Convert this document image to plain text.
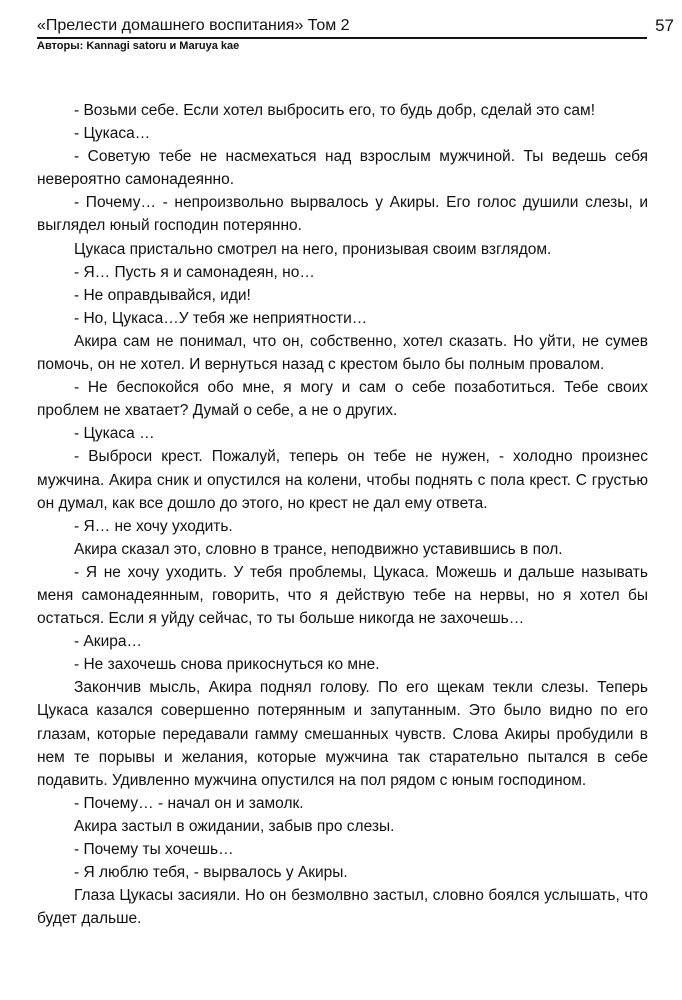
«Прелести домашнего воспитания» Том 2
Авторы: Kannagi satoru и Maruya kae
57

- Возьми себе. Если хотел выбросить его, то будь добр, сделай это сам!

- Цукаса…

- Советую тебе не насмехаться над взрослым мужчиной. Ты ведешь себя невероятно самонадеянно.

- Почему… - непроизвольно вырвалось у Акиры. Его голос душили слезы, и выглядел юный господин потерянно.

Цукаса пристально смотрел на него, пронизывая своим взглядом.

- Я… Пусть я и самонадеян, но…

- Не оправдывайся, иди!

- Но, Цукаса…У тебя же неприятности…

Акира сам не понимал, что он, собственно, хотел сказать. Но уйти, не сумев помочь, он не хотел. И вернуться назад с крестом было бы полным провалом.

- Не беспокойся обо мне, я могу и сам о себе позаботиться. Тебе своих проблем не хватает? Думай о себе, а не о других.

- Цукаса …

- Выброси крест. Пожалуй, теперь он тебе не нужен, - холодно произнес мужчина. Акира сник и опустился на колени, чтобы поднять с пола крест. С грустью он думал, как все дошло до этого, но крест не дал ему ответа.

- Я… не хочу уходить.

Акира сказал это, словно в трансе, неподвижно уставившись в пол.

- Я не хочу уходить. У тебя проблемы, Цукаса. Можешь и дальше называть меня самонадеянным, говорить, что я действую тебе на нервы, но я хотел бы остаться. Если я уйду сейчас, то ты больше никогда не захочешь…

- Акира…

- Не захочешь снова прикоснуться ко мне.

Закончив мысль, Акира поднял голову. По его щекам текли слезы. Теперь Цукаса казался совершенно потерянным и запутанным. Это было видно по его глазам, которые передавали гамму смешанных чувств. Слова Акиры пробудили в нем те порывы и желания, которые мужчина так старательно пытался в себе подавить. Удивленно мужчина опустился на пол рядом с юным господином.

- Почему… - начал он и замолк.

Акира застыл в ожидании, забыв про слезы.

- Почему ты хочешь…

- Я люблю тебя, - вырвалось у Акиры.

Глаза Цукасы засияли. Но он безмолвно застыл, словно боялся услышать, что будет дальше.
